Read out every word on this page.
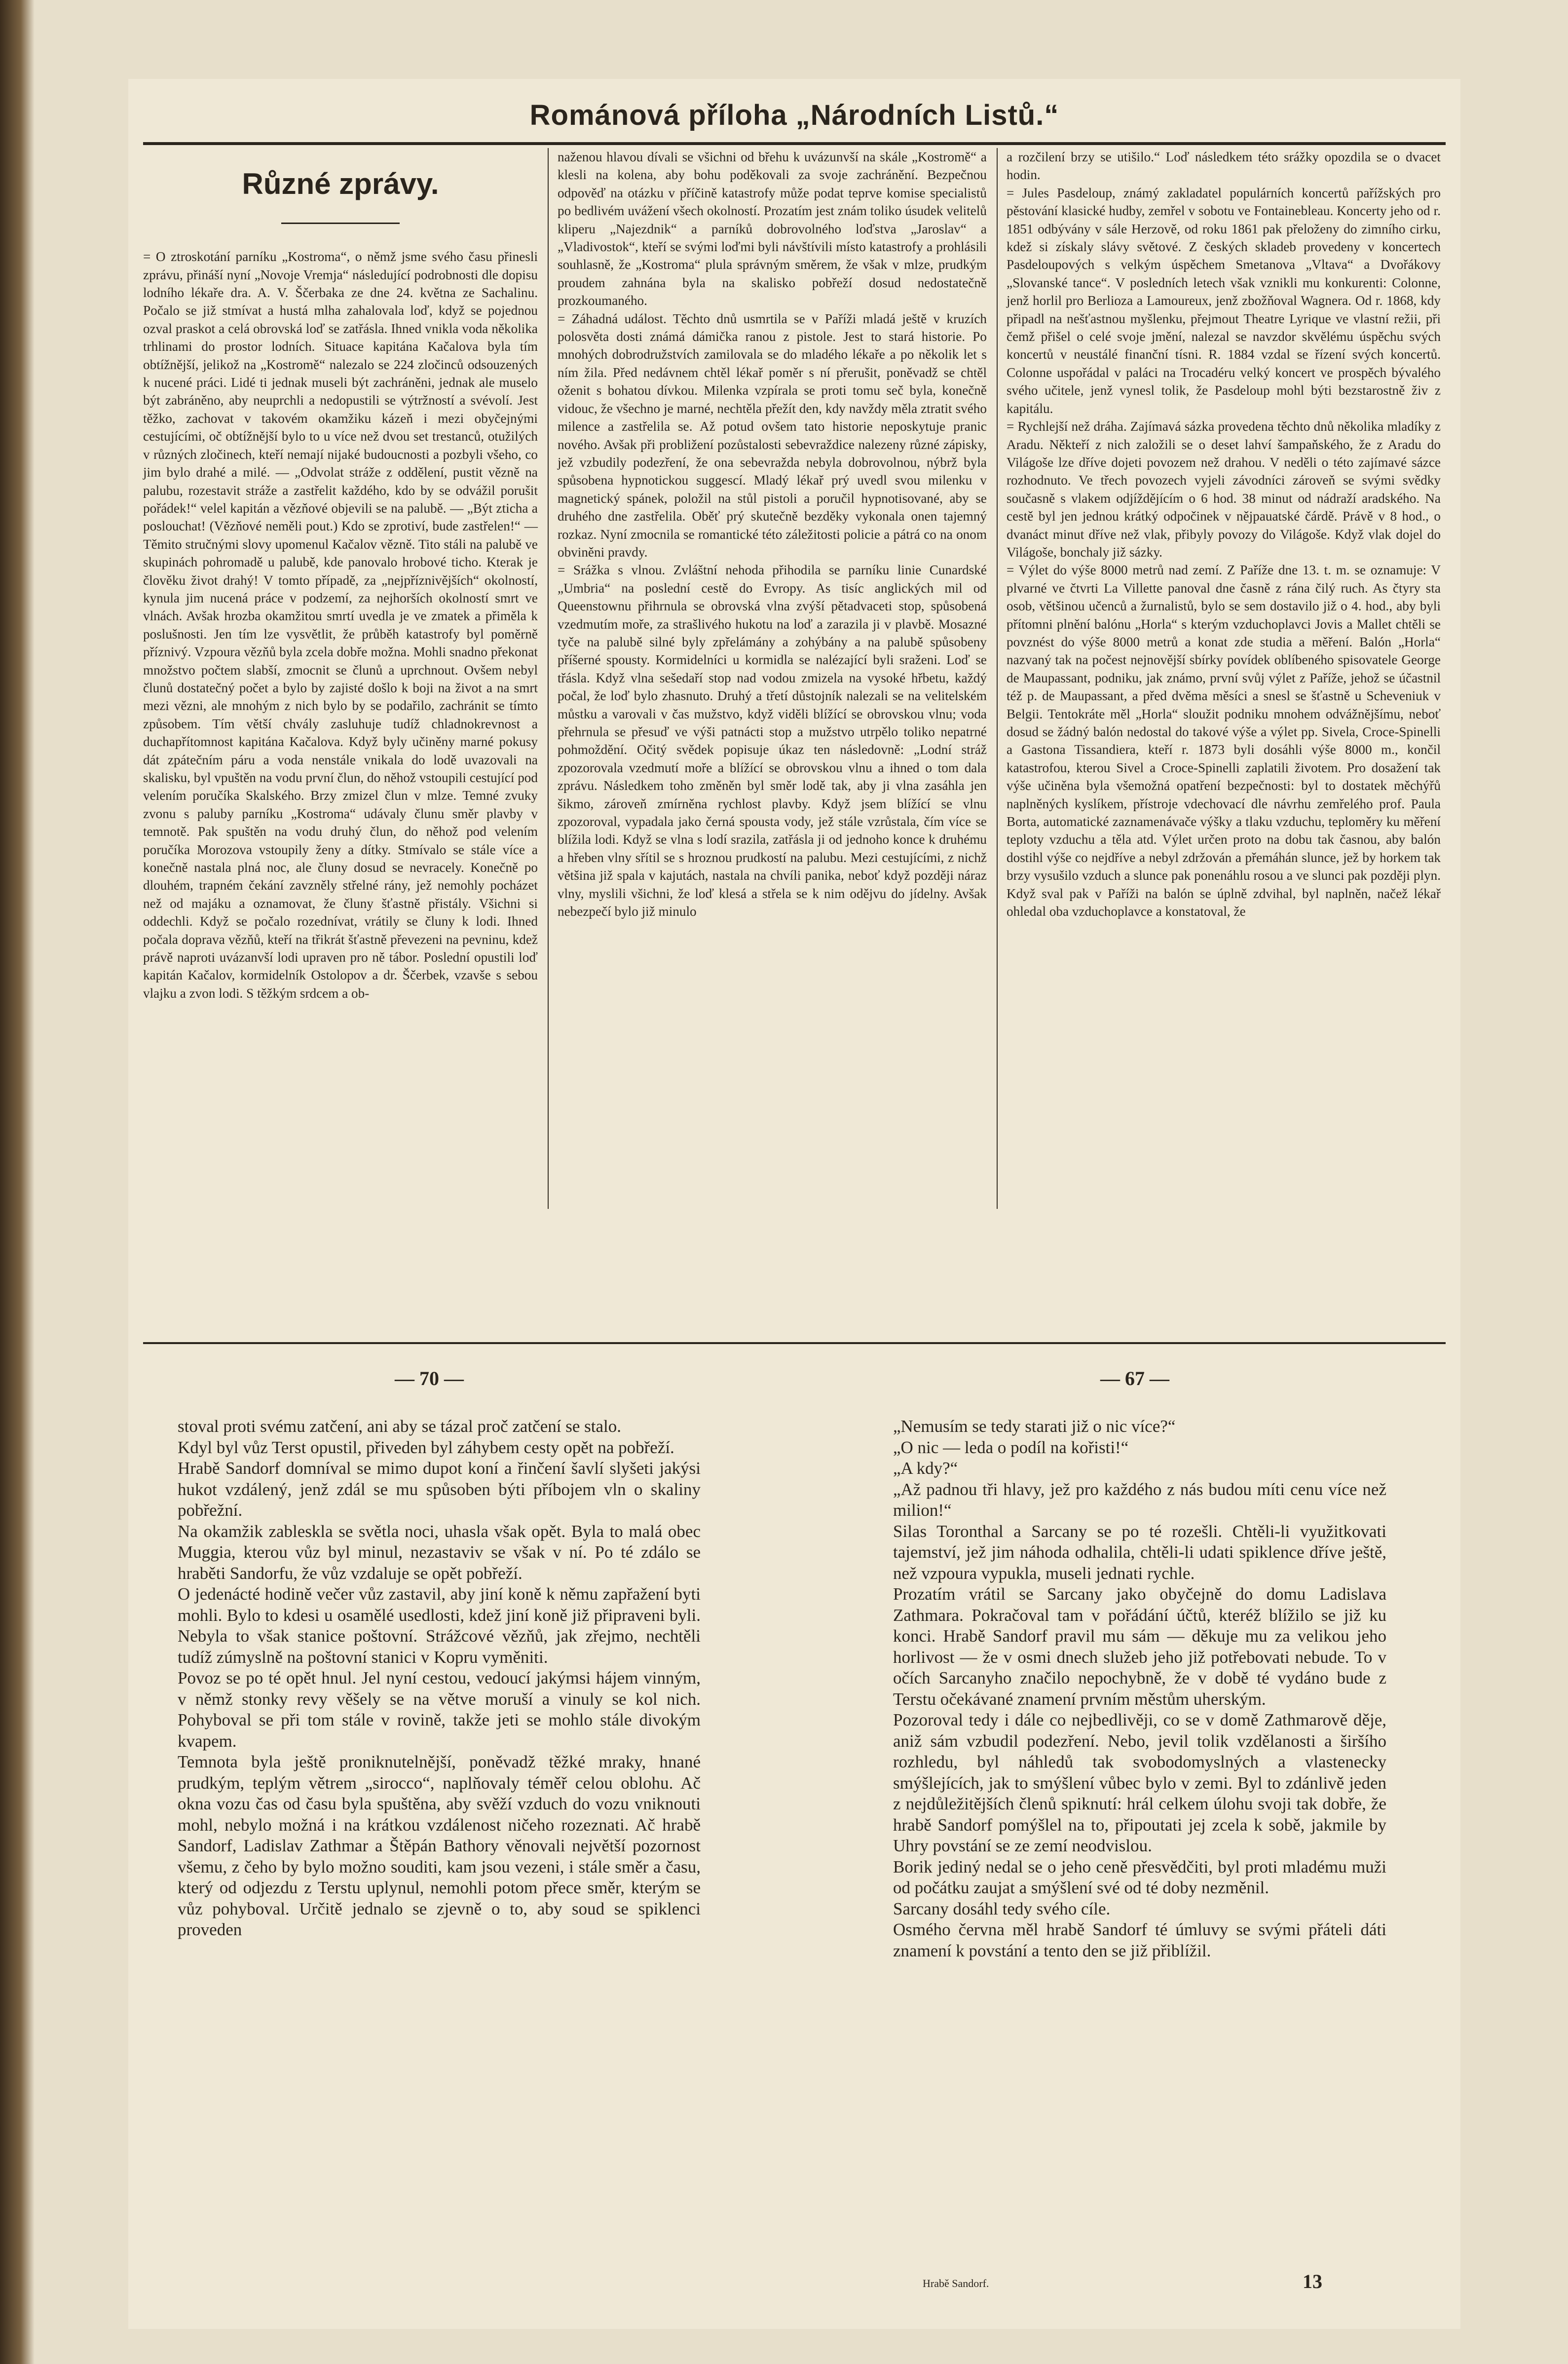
Románová příloha „Národních Listů.“

Různé zprávy.

= O ztroskotání parníku „Kostroma“, o němž jsme svého času přinesli zprávu, přináší nyní „Novoje Vremja“ následující podrobnosti dle dopisu lodního lékaře dra. A. V. Ščerbaka ze dne 24. května ze Sachalinu. Počalo se již stmívat a hustá mlha zahalovala loď, když se pojednou ozval praskot a celá obrovská loď se zatřásla. Ihned vnikla voda několika trhlinami do prostor lodních. Situace kapitána Kačalova byla tím obtížnější, jelikož na „Kostromě“ nalezalo se 224 zločinců odsouzených k nucené práci. Lidé ti jednak museli být zachráněni, jednak ale muselo být zabráněno, aby neuprchli a nedopustili se výtržností a svévolí. Jest těžko, zachovat v takovém okamžiku kázeň i mezi obyčejnými cestujícími, oč obtížnější bylo to u více než dvou set trestanců, otužilých v různých zločinech, kteří nemají nijaké budoucnosti a pozbyli všeho, co jim bylo drahé a milé. — „Odvolat stráže z oddělení, pustit vězně na palubu, rozestavit stráže a zastřelit každého, kdo by se odvážil porušit pořádek!“ velel kapitán a vězňové objevili se na palubě. — „Být zticha a poslouchat! (Vězňové neměli pout.) Kdo se zprotiví, bude zastřelen!“ — Těmito stručnými slovy upomenul Kačalov vězně. Tito stáli na palubě ve skupinách pohromadě u palubě, kde panovalo hrobové ticho. Kterak je člověku život drahý! V tomto případě, za „nejpříznivějších“ okolností, kynula jim nucená práce v podzemí, za nejhorších okolností smrt ve vlnách. Avšak hrozba okamžitou smrtí uvedla je ve zmatek a přiměla k poslušnosti. Jen tím lze vysvětlit, že průběh katastrofy byl poměrně příznivý. Vzpoura vězňů byla zcela dobře možna. Mohli snadno překonat množstvo počtem slabší, zmocnit se člunů a uprchnout. Ovšem nebyl člunů dostatečný počet a bylo by zajisté došlo k boji na život a na smrt mezi vězni, ale mnohým z nich bylo by se podařilo, zachránit se tímto způsobem. Tím větší chvály zasluhuje tudíž chladnokrevnost a duchapřítomnost kapitána Kačalova. Když byly učiněny marné pokusy dát zpátečním páru a voda nenstále vnikala do lodě uvazovali na skalisku, byl vpuštěn na vodu první člun, do něhož vstoupili cestující pod velením poručíka Skalského. Brzy zmizel člun v mlze. Temné zvuky zvonu s paluby parníku „Kostroma“ udávaly člunu směr plavby v temnotě. Pak spuštěn na vodu druhý člun, do něhož pod velením poručíka Morozova vstoupily ženy a dítky. Stmívalo se stále více a konečně nastala plná noc, ale čluny dosud se nevracely. Konečně po dlouhém, trapném čekání zavzněly střelné rány, jež nemohly pocházet než od majáku a oznamovat, že čluny šťastně přistály. Všichni si oddechli. Když se počalo rozednívat, vrátily se čluny k lodi. Ihned počala doprava vězňů, kteří na třikrát šťastně převezeni na pevninu, kdež právě naproti uvázanvší lodi upraven pro ně tábor. Poslední opustili loď kapitán Kačalov, kormidelník Ostolopov a dr. Ščerbek, vzavše s sebou vlajku a zvon lodi. S těžkým srdcem a ob-

naženou hlavou dívali se všichni od břehu k uvázunvší na skále „Kostromě“ a klesli na kolena, aby bohu poděkovali za svoje zachránění. Bezpečnou odpověď na otázku v příčině katastrofy může podat teprve komise specialistů po bedlivém uvážení všech okolností. Prozatím jest znám toliko úsudek velitelů kliperu „Najezdnik“ a parníků dobrovolného loďstva „Jaroslav“ a „Vladivostok“, kteří se svými loďmi byli návštívili místo katastrofy a prohlásili souhlasně, že „Kostroma“ plula správným směrem, že však v mlze, prudkým proudem zahnána byla na skalisko pobřeží dosud nedostatečně prozkoumaného.
= Záhadná událost. Těchto dnů usmrtila se v Paříži mladá ještě v kruzích polosvěta dosti známá dámička ranou z pistole. Jest to stará historie. Po mnohých dobrodružstvích zamilovala se do mladého lékaře a po několik let s ním žila. Před nedávnem chtěl lékař poměr s ní přerušit, poněvadž se chtěl oženit s bohatou dívkou. Milenka vzpírala se proti tomu seč byla, konečně vidouc, že všechno je marné, nechtěla přežít den, kdy navždy měla ztratit svého milence a zastřelila se. Až potud ovšem tato historie neposkytuje pranic nového. Avšak při probližení pozůstalosti sebevraždice nalezeny různé zápisky, jež vzbudily podezření, že ona sebevražda nebyla dobrovolnou, nýbrž byla spůsobena hypnotickou suggescí. Mladý lékař prý uvedl svou milenku v magnetický spánek, položil na stůl pistoli a poručil hypnotisované, aby se druhého dne zastřelila. Oběť prý skutečně bezděky vykonala onen tajemný rozkaz. Nyní zmocnila se romantické této záležitosti policie a pátrá co na onom obviněni pravdy.
= Srážka s vlnou. Zvláštní nehoda přihodila se parníku linie Cunardské „Umbria“ na poslední cestě do Evropy. As tisíc anglických mil od Queenstownu přihrnula se obrovská vlna zvýší pětadvaceti stop, spůsobená vzedmutím moře, za strašlivého hukotu na loď a zarazila ji v plavbě. Mosazné tyče na palubě silné byly zpřelámány a zohýbány a na palubě spůsobeny příšerné spousty. Kormidelníci u kormidla se nalézající byli sraženi. Loď se třásla. Když vlna sešedaří stop nad vodou zmizela na vysoké hřbetu, každý počal, že loď bylo zhasnuto. Druhý a třetí důstojník nalezali se na velitelském můstku a varovali v čas mužstvo, když viděli blížící se obrovskou vlnu; voda přehrnula se přesuď ve výši patnácti stop a mužstvo utrpělo toliko nepatrné pohmoždění. Očitý svědek popisuje úkaz ten následovně: „Lodní stráž zpozorovala vzedmutí moře a blížící se obrovskou vlnu a ihned o tom dala zprávu. Následkem toho změněn byl směr lodě tak, aby ji vlna zasáhla jen šikmo, zároveň zmírněna rychlost plavby. Když jsem blížící se vlnu zpozoroval, vypadala jako černá spousta vody, jež stále vzrůstala, čím více se blížila lodi. Když se vlna s lodí srazila, zatřásla ji od jednoho konce k druhému a hřeben vlny sřítil se s hroznou prudkostí na palubu. Mezi cestujícími, z nichž většina již spala v kajutách, nastala na chvíli panika, neboť když později náraz vlny, myslili všichni, že loď klesá a střela se k nim odějvu do jídelny. Avšak nebezpečí bylo již minulo
a rozčilení brzy se utišilo.“ Loď následkem této srážky opozdila se o dvacet hodin.
= Jules Pasdeloup, známý zakladatel populárních koncertů pařížských pro pěstování klasické hudby, zemřel v sobotu ve Fontainebleau. Koncerty jeho od r. 1851 odbývány v sále Herzově, od roku 1861 pak přeloženy do zimního cirku, kdež si získaly slávy světové. Z českých skladeb provedeny v koncertech Pasdeloupových s velkým úspěchem Smetanova „Vltava“ a Dvořákovy „Slovanské tance“. V posledních letech však vznikli mu konkurenti: Colonne, jenž horlil pro Berlioza a Lamoureux, jenž zbožňoval Wagnera. Od r. 1868, kdy připadl na nešťastnou myšlenku, přejmout Theatre Lyrique ve vlastní režii, při čemž přišel o celé svoje jmění, nalezal se navzdor skvělému úspěchu svých koncertů v neustálé finanční tísni. R. 1884 vzdal se řízení svých koncertů. Colonne uspořádal v paláci na Trocadéru velký koncert ve prospěch bývalého svého učitele, jenž vynesl tolik, že Pasdeloup mohl býti bezstarostně živ z kapitálu.
= Rychlejší než dráha. Zajímavá sázka provedena těchto dnů několika mladíky z Aradu. Někteří z nich založili se o deset lahví šampaňského, že z Aradu do Világoše lze dříve dojeti povozem než drahou. V neděli o této zajímavé sázce rozhodnuto. Ve třech povozech vyjeli závodníci zároveň se svými svědky současně s vlakem odjíždějícím o 6 hod. 38 minut od nádraží aradského. Na cestě byl jen jednou krátký odpočinek v nějpauatské čárdě. Právě v 8 hod., o dvanáct minut dříve než vlak, přibyly povozy do Világoše. Když vlak dojel do Világoše, bonchaly již sázky.
= Výlet do výše 8000 metrů nad zemí. Z Paříže dne 13. t. m. se oznamuje: V plvarné ve čtvrti La Villette panoval dne časně z rána čilý ruch. As čtyry sta osob, většinou učenců a žurnalistů, bylo se sem dostavilo již o 4. hod., aby byli přítomni plnění balónu „Horla“ s kterým vzduchoplavci Jovis a Mallet chtěli se povznést do výše 8000 metrů a konat zde studia a měření. Balón „Horla“ nazvaný tak na počest nejnovější sbírky povídek oblíbeného spisovatele George de Maupassant, podniku, jak známo, první svůj výlet z Paříže, jehož se účastnil též p. de Maupassant, a před dvěma měsíci a snesl se šťastně u Scheveniuk v Belgii. Tentokráte měl „Horla“ sloužit podniku mnohem odvážnějšímu, neboť dosud se žádný balón nedostal do takové výše a výlet pp. Sivela, Croce-Spinelli a Gastona Tissandiera, kteří r. 1873 byli dosáhli výše 8000 m., končil katastrofou, kterou Sivel a Croce-Spinelli zaplatili životem. Pro dosažení tak výše učiněna byla všemožná opatření bezpečnosti: byl to dostatek měchýřů naplněných kyslíkem, přístroje vdechovací dle návrhu zemřelého prof. Paula Borta, automatické zaznamenávače výšky a tlaku vzduchu, teploměry ku měření teploty vzduchu a těla atd. Výlet určen proto na dobu tak časnou, aby balón dostihl výše co nejdříve a nebyl zdržován a přemáhán slunce, jež by horkem tak brzy vysušilo vzduch a slunce pak ponenáhlu rosou a ve slunci pak později plyn. Když sval pak v Paříži na balón se úplně zdvihal, byl naplněn, načež lékař ohledal oba vzduchoplavce a konstatoval, že
— 70 —	— 67 —
stoval proti svému zatčení, ani aby se tázal proč zatčení se stalo.
Kdyl byl vůz Terst opustil, přiveden byl záhybem cesty opět na pobřeží.
Hrabě Sandorf domníval se mimo dupot koní a řinčení šavlí slyšeti jakýsi hukot vzdálený, jenž zdál se mu spůsoben býti příbojem vln o skaliny pobřežní.
Na okamžik zableskla se světla noci, uhasla však opět. Byla to malá obec Muggia, kterou vůz byl minul, nezastaviv se však v ní. Po té zdálo se hraběti Sandorfu, že vůz vzdaluje se opět pobřeží.
O jedenácté hodině večer vůz zastavil, aby jiní koně k němu zapřažení byti mohli. Bylo to kdesi u osamělé usedlosti, kdež jiní koně již připraveni byli. Nebyla to však stanice poštovní. Strážcové vězňů, jak zřejmo, nechtěli tudíž zúmyslně na poštovní stanici v Kopru vyměniti.
Povoz se po té opět hnul. Jel nyní cestou, vedoucí jakýmsi hájem vinným, v němž stonky revy věšely se na větve moruší a vinuly se kol nich. Pohyboval se při tom stále v rovině, takže jeti se mohlo stále divokým kvapem.
Temnota byla ještě proniknutelnější, poněvadž těžké mraky, hnané prudkým, teplým větrem „sirocco“, naplňovaly téměř celou oblohu. Ač okna vozu čas od času byla spuštěna, aby svěží vzduch do vozu vniknouti mohl, nebylo možná i na krátkou vzdálenost ničeho rozeznati. Ač hrabě Sandorf, Ladislav Zathmar a Štěpán Bathory věnovali největší pozornost všemu, z čeho by bylo možno souditi, kam jsou vezeni, i stále směr a času, který od odjezdu z Terstu uplynul, nemohli potom přece směr, kterým se vůz pohyboval. Určitě jednalo se zjevně o to, aby soud se spiklenci proveden
„Nemusím se tedy starati již o nic více?“
„O nic — leda o podíl na kořisti!“
„A kdy?“
„Až padnou tři hlavy, jež pro každého z nás budou míti cenu více než milion!“
Silas Toronthal a Sarcany se po té rozešli. Chtěli-li využitkovati tajemství, jež jim náhoda odhalila, chtěli-li udati spiklence dříve ještě, než vzpoura vypukla, museli jednati rychle.
Prozatím vrátil se Sarcany jako obyčejně do domu Ladislava Zathmara. Pokračoval tam v pořádání účtů, kteréž blížilo se již ku konci. Hrabě Sandorf pravil mu sám — děkuje mu za velikou jeho horlivost — že v osmi dnech služeb jeho již potřebovati nebude. To v očích Sarcanyho značilo nepochybně, že v době té vydáno bude z Terstu očekávané znamení prvním městům uherským.
Pozoroval tedy i dále co nejbedlivěji, co se v domě Zathmarově děje, aniž sám vzbudil podezření. Nebo, jevil tolik vzdělanosti a širšího rozhledu, byl náhledů tak svobodomyslných a vlastenecky smýšlejících, jak to smýšlení vůbec bylo v zemi. Byl to zdánlivě jeden z nejdůležitějších členů spiknutí: hrál celkem úlohu svoji tak dobře, že hrabě Sandorf pomýšlel na to, připoutati jej zcela k sobě, jakmile by Uhry povstání se ze zemí neodvislou.
Borik jediný nedal se o jeho ceně přesvědčiti, byl proti mladému muži od počátku zaujat a smýšlení své od té doby nezměnil.
Sarcany dosáhl tedy svého cíle.
Osmého června měl hrabě Sandorf té úmluvy se svými přáteli dáti znamení k povstání a tento den se již přiblížil.
Hrabě Sandorf.	13
